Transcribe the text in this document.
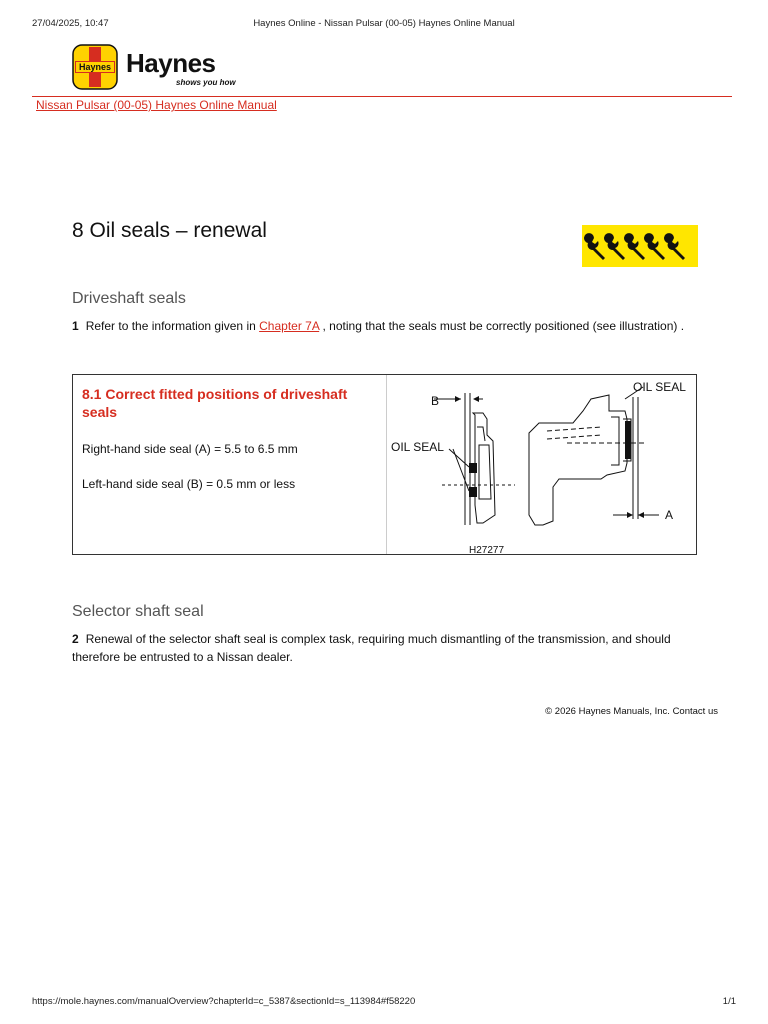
27/04/2025, 10:47	Haynes Online - Nissan Pulsar (00-05) Haynes Online Manual
Haynes Haynes
shows you how
Nissan Pulsar (00-05) Haynes Online Manual
8 Oil seals – renewal
Driveshaft seals
1 Refer to the information given in Chapter 7A , noting that the seals must be correctly positioned (see illustration) .
8.1 Correct fitted positions of driveshaft seals
Right-hand side seal (A) = 5.5 to 6.5 mm
Left-hand side seal (B) = 0.5 mm or less
B
OIL SEAL
OIL SEAL
A
H27277
Selector shaft seal
2 Renewal of the selector shaft seal is complex task, requiring much dismantling of the transmission, and should therefore be entrusted to a Nissan dealer.
© 2026 Haynes Manuals, Inc. Contact us
https://mole.haynes.com/manualOverview?chapterId=c_5387&sectionId=s_113984#f58220	1/1
